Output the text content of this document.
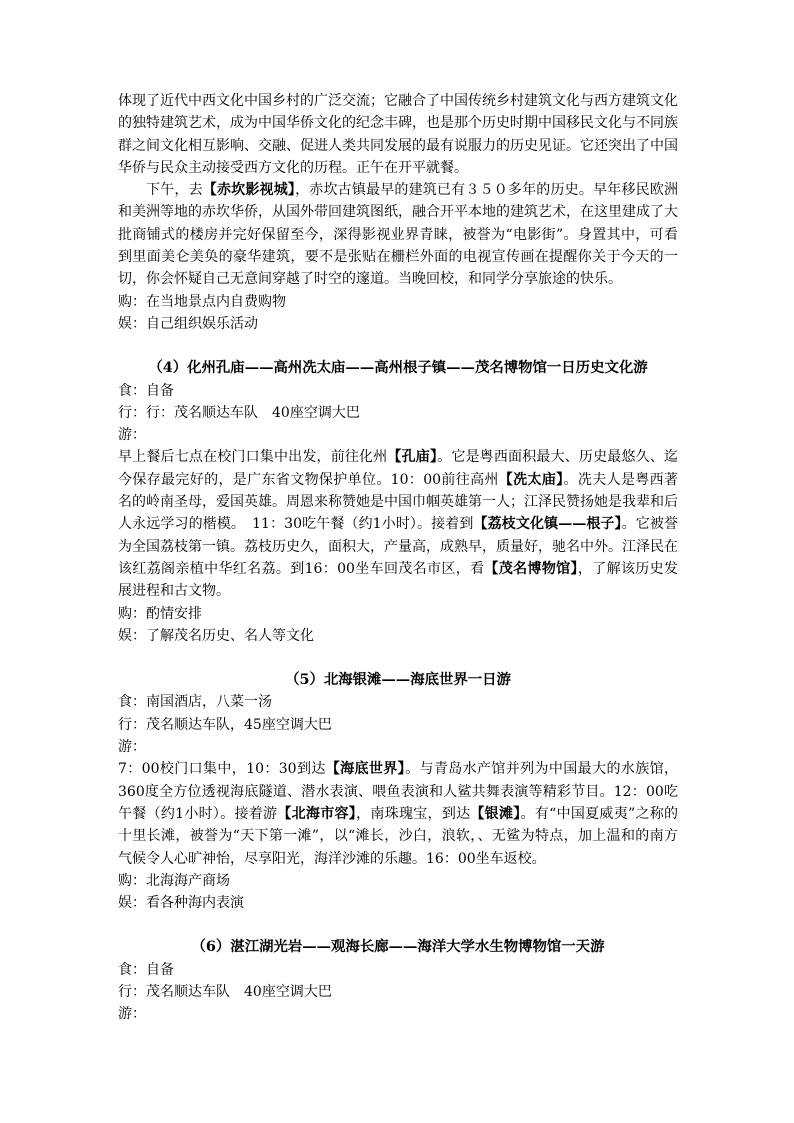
体现了近代中西文化中国乡村的广泛交流；它融合了中国传统乡村建筑文化与西方建筑文化的独特建筑艺术，成为中国华侨文化的纪念丰碑，也是那个历史时期中国移民文化与不同族群之间文化相互影响、交融、促进人类共同发展的最有说服力的历史见证。它还突出了中国华侨与民众主动接受西方文化的历程。正午在开平就餐。

下午，去【赤坎影视城】，赤坎古镇最早的建筑已有３５０多年的历史。早年移民欧洲和美洲等地的赤坎华侨，从国外带回建筑图纸，融合开平本地的建筑艺术，在这里建成了大批商铺式的楼房并完好保留至今，深得影视业界青睐，被誉为“电影街”。身置其中，可看到里面美仑美奂的豪华建筑，要不是张贴在栅栏外面的电视宣传画在提醒你关于今天的一切，你会怀疑自己无意间穿越了时空的邃道。当晚回校，和同学分享旅途的快乐。

购：在当地景点内自费购物

娱：自己组织娱乐活动

（4）化州孔庙——高州冼太庙——高州根子镇——茂名博物馆一日历史文化游

食：自备

行：行：茂名顺达车队　40座空调大巴

游：

早上餐后七点在校门口集中出发，前往化州【孔庙】。它是粤西面积最大、历史最悠久、迄今保存最完好的，是广东省文物保护单位。10：00前往高州【冼太庙】。冼夫人是粤西著名的岭南圣母，爱国英雄。周恩来称赞她是中国巾帼英雄第一人；江泽民赞扬她是我辈和后人永远学习的楷模。　11：30吃午餐（约1小时）。接着到【荔枝文化镇——根子】。它被誉为全国荔枝第一镇。荔枝历史久，面积大，产量高，成熟早，质量好，驰名中外。江泽民在该红荔阁亲植中华红名荔。到16：00坐车回茂名市区，看【茂名博物馆】，了解该历史发展进程和古文物。

购：酌情安排

娱：了解茂名历史、名人等文化

（5）北海银滩——海底世界一日游

食：南国酒店，八菜一汤

行：茂名顺达车队，45座空调大巴

游：

7：00校门口集中，10：30到达【海底世界】。与青岛水产馆并列为中国最大的水族馆，360度全方位透视海底隧道、潜水表演、喂鱼表演和人鲨共舞表演等精彩节目。12：00吃午餐（约1小时）。接着游【北海市容】，南珠瑰宝，到达【银滩】。有“中国夏威夷”之称的十里长滩，被誉为“天下第一滩”，以“滩长，沙白，浪软，、无鲨为特点，加上温和的南方气候令人心旷神怡，尽享阳光，海洋沙滩的乐趣。16：00坐车返校。

购：北海海产商场

娱：看各种海内表演

（6）湛江湖光岩——观海长廊——海洋大学水生物博物馆一天游

食：自备

行：茂名顺达车队　40座空调大巴

游：
